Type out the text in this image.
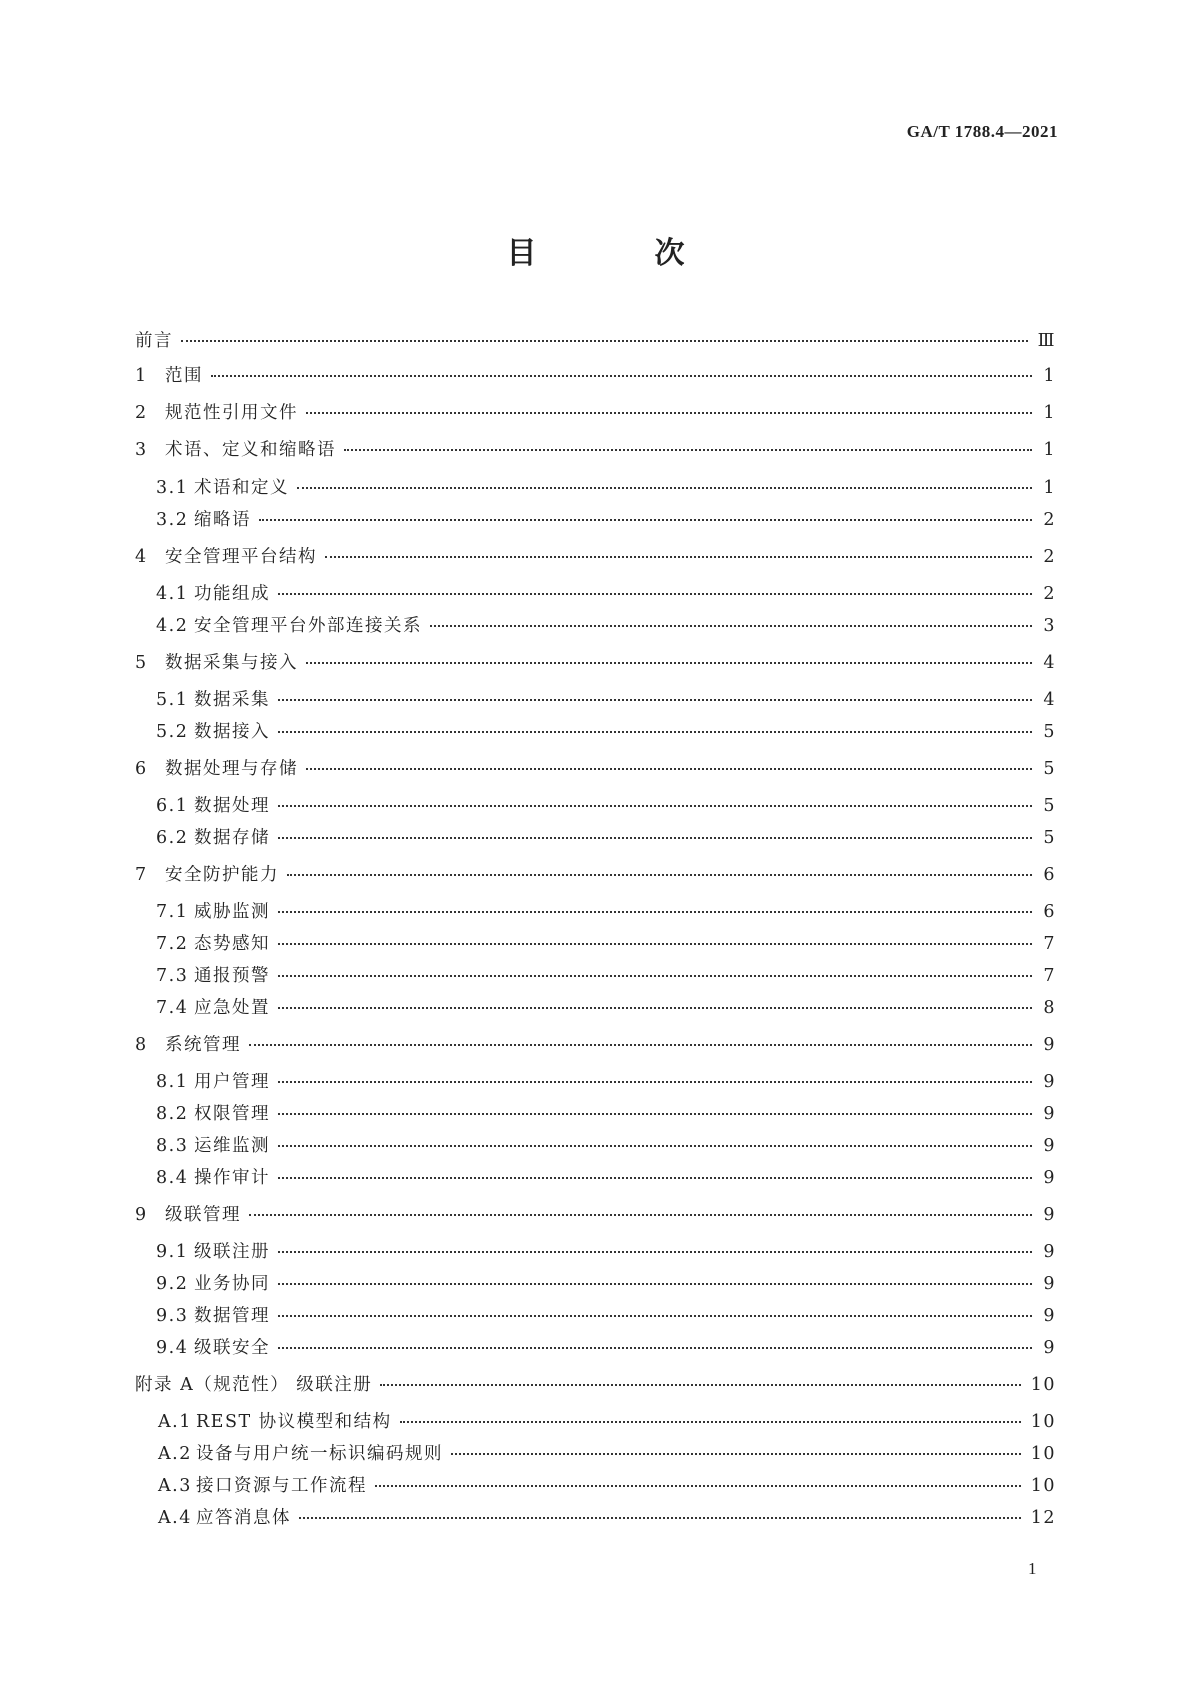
GA/T 1788.4—2021
目　次
前言	Ⅲ
1 范围	1
2 规范性引用文件	1
3 术语、定义和缩略语	1
3.1 术语和定义	1
3.2 缩略语	2
4 安全管理平台结构	2
4.1 功能组成	2
4.2 安全管理平台外部连接关系	3
5 数据采集与接入	4
5.1 数据采集	4
5.2 数据接入	5
6 数据处理与存储	5
6.1 数据处理	5
6.2 数据存储	5
7 安全防护能力	6
7.1 威胁监测	6
7.2 态势感知	7
7.3 通报预警	7
7.4 应急处置	8
8 系统管理	9
8.1 用户管理	9
8.2 权限管理	9
8.3 运维监测	9
8.4 操作审计	9
9 级联管理	9
9.1 级联注册	9
9.2 业务协同	9
9.3 数据管理	9
9.4 级联安全	9
附录 A（规范性） 级联注册	10
A.1 REST 协议模型和结构	10
A.2 设备与用户统一标识编码规则	10
A.3 接口资源与工作流程	10
A.4 应答消息体	12
1
